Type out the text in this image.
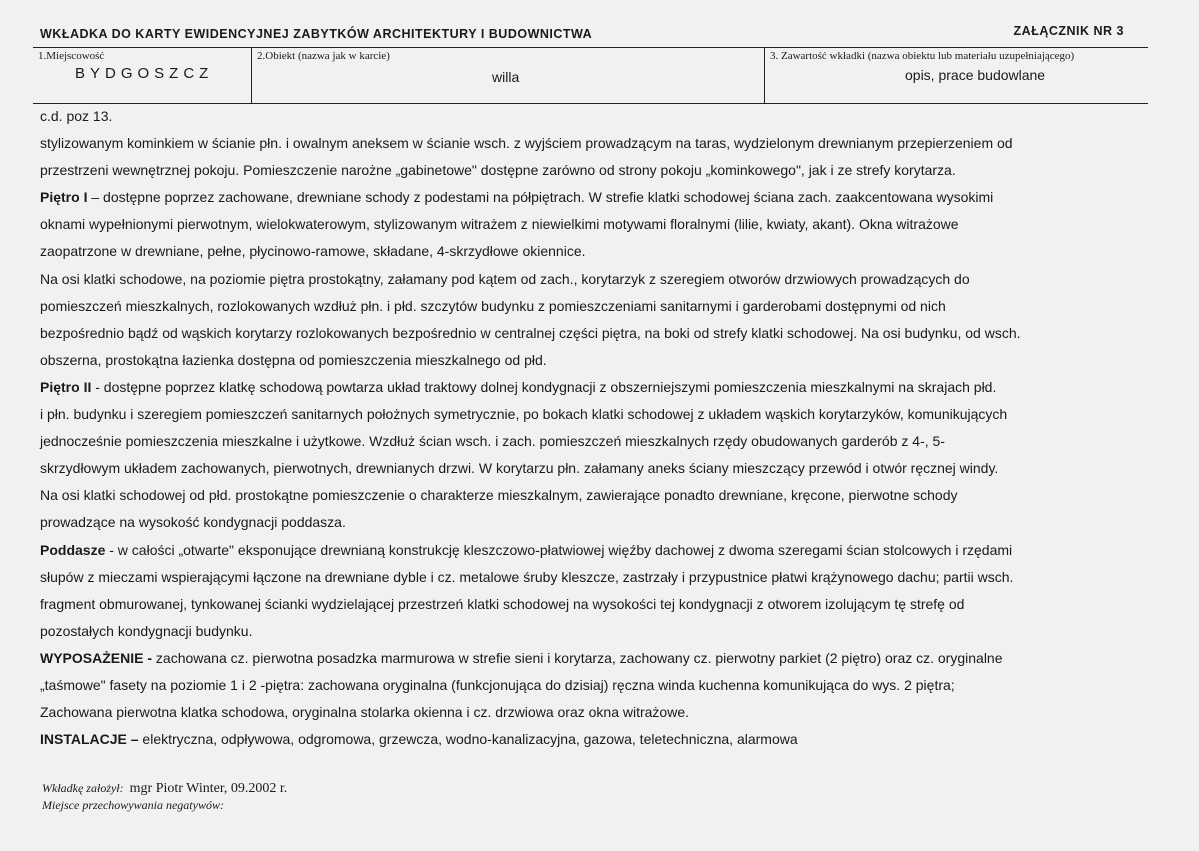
WKŁADKA DO KARTY EWIDENCYJNEJ ZABYTKÓW ARCHITEKTURY I BUDOWNICTWA	ZAŁĄCZNIK NR 3
1.Miejscowość
BYDGOSZCZ
2.Obiekt (nazwa jak w karcie)
willa
3. Zawartość wkładki (nazwa obiektu lub materiału uzupełniającego)
opis, prace budowlane

c.d. poz 13.

stylizowanym kominkiem w ścianie płn. i owalnym aneksem w ścianie wsch. z wyjściem prowadzącym na taras, wydzielonym drewnianym przepierzeniem od

przestrzeni wewnętrznej pokoju. Pomieszczenie narożne „gabinetowe" dostępne zarówno od strony pokoju „kominkowego", jak i ze strefy korytarza.

Piętro I – dostępne poprzez zachowane, drewniane schody z podestami na półpiętrach. W strefie klatki schodowej ściana zach. zaakcentowana wysokimi

oknami wypełnionymi pierwotnym, wielokwaterowym, stylizowanym witrażem z niewielkimi motywami floralnymi (lilie, kwiaty, akant). Okna witrażowe

zaopatrzone w drewniane, pełne, płycinowo-ramowe, składane, 4-skrzydłowe okiennice.

Na osi klatki schodowe, na poziomie piętra prostokątny, załamany pod kątem od zach., korytarzyk z szeregiem otworów drzwiowych prowadzących do

pomieszczeń mieszkalnych, rozlokowanych wzdłuż płn. i płd. szczytów budynku z pomieszczeniami sanitarnymi i garderobami dostępnymi od nich

bezpośrednio bądź od wąskich korytarzy rozlokowanych bezpośrednio w centralnej części piętra, na boki od strefy klatki schodowej. Na osi budynku, od wsch.

obszerna, prostokątna łazienka dostępna od pomieszczenia mieszkalnego od płd.

Piętro II - dostępne poprzez klatkę schodową powtarza układ traktowy dolnej kondygnacji z obszerniejszymi pomieszczenia mieszkalnymi na skrajach płd.

i płn. budynku i szeregiem pomieszczeń sanitarnych położnych symetrycznie, po bokach klatki schodowej z układem wąskich korytarzyków, komunikujących

jednocześnie pomieszczenia mieszkalne i użytkowe. Wzdłuż ścian wsch. i zach. pomieszczeń mieszkalnych rzędy obudowanych garderób z 4-, 5-

skrzydłowym układem zachowanych, pierwotnych, drewnianych drzwi. W korytarzu płn. załamany aneks ściany mieszczący przewód i otwór ręcznej windy.

Na osi klatki schodowej od płd. prostokątne pomieszczenie o charakterze mieszkalnym, zawierające ponadto drewniane, kręcone, pierwotne schody

prowadzące na wysokość kondygnacji poddasza.

Poddasze - w całości „otwarte" eksponujące drewnianą konstrukcję kleszczowo-płatwiowej więźby dachowej z dwoma szeregami ścian stolcowych i rzędami

słupów z mieczami wspierającymi łączone na drewniane dyble i cz. metalowe śruby kleszcze, zastrzały i przypustnice płatwi krążynowego dachu; partii wsch.

fragment obmurowanej, tynkowanej ścianki wydzielającej przestrzeń klatki schodowej na wysokości tej kondygnacji z otworem izolującym tę strefę od

pozostałych kondygnacji budynku.

WYPOSAŻENIE - zachowana cz. pierwotna posadzka marmurowa w strefie sieni i korytarza, zachowany cz. pierwotny parkiet (2 piętro) oraz cz. oryginalne

„taśmowe" fasety na poziomie 1 i 2 -piętra: zachowana oryginalna (funkcjonująca do dzisiaj) ręczna winda kuchenna komunikująca do wys. 2 piętra;

Zachowana pierwotna klatka schodowa, oryginalna stolarka okienna i cz. drzwiowa oraz okna witrażowe.

INSTALACJE – elektryczna, odpływowa, odgromowa, grzewcza, wodno-kanalizacyjna, gazowa, teletechniczna, alarmowa

Wkładkę założył: mgr Piotr Winter, 09.2002 r.
Miejsce przechowywania negatywów:
